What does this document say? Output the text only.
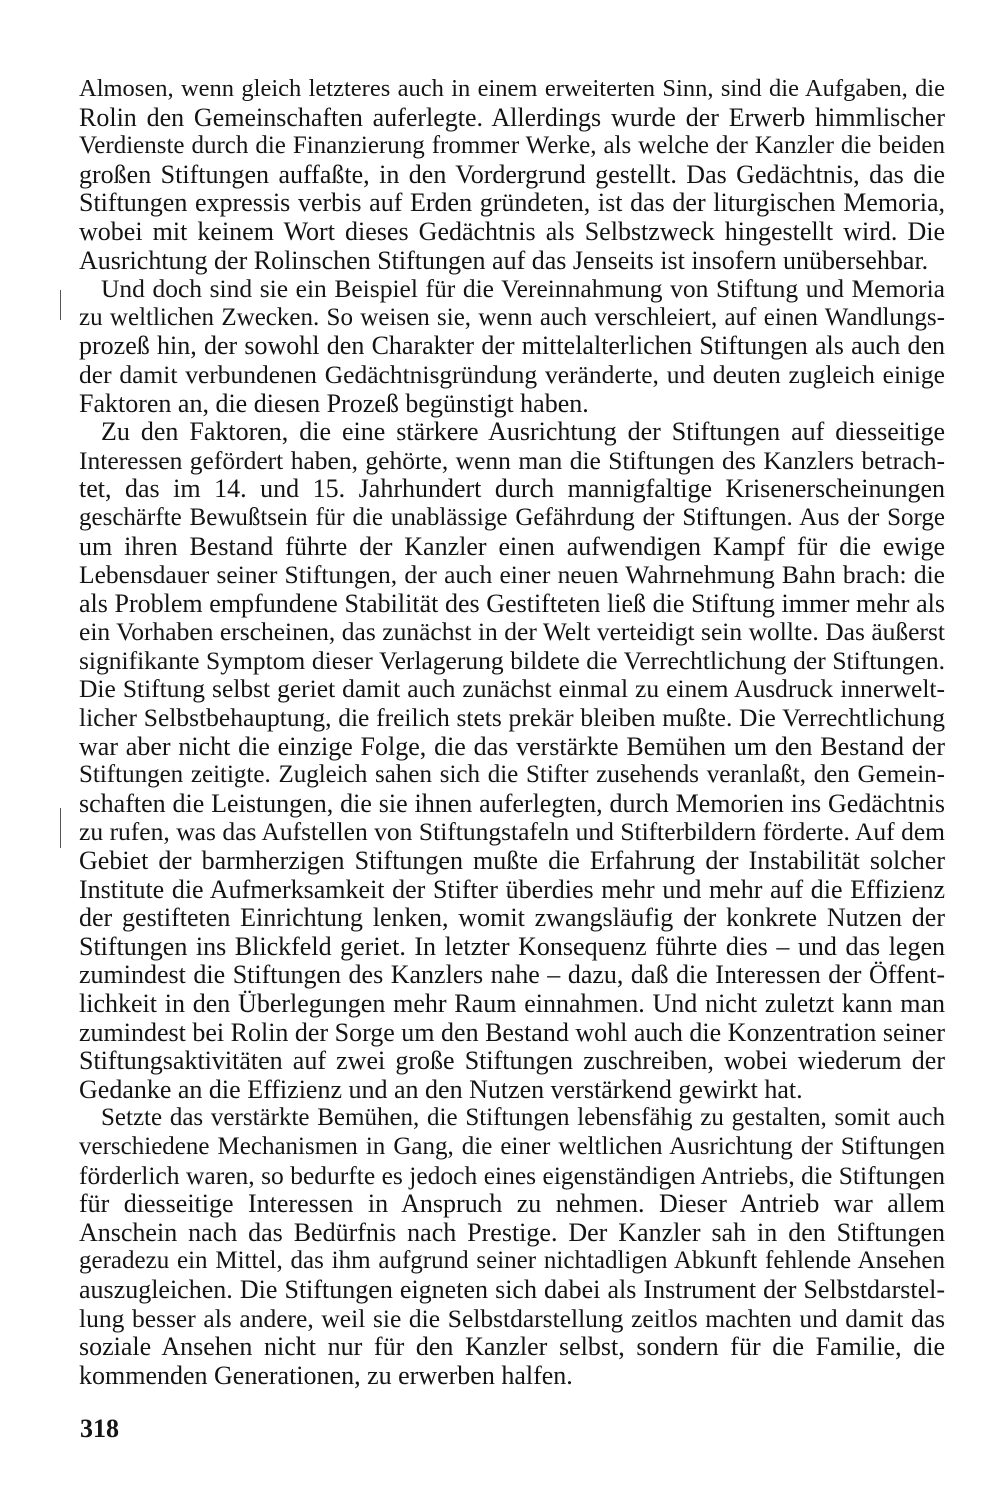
Almosen, wenn gleich letzteres auch in einem erweiterten Sinn, sind die Aufgaben, die
Rolin den Gemeinschaften auferlegte. Allerdings wurde der Erwerb himmlischer
Verdienste durch die Finanzierung frommer Werke, als welche der Kanzler die beiden
großen Stiftungen auffaßte, in den Vordergrund gestellt. Das Gedächtnis, das die
Stiftungen expressis verbis auf Erden gründeten, ist das der liturgischen Memoria,
wobei mit keinem Wort dieses Gedächtnis als Selbstzweck hingestellt wird. Die
Ausrichtung der Rolinschen Stiftungen auf das Jenseits ist insofern unübersehbar.
Und doch sind sie ein Beispiel für die Vereinnahmung von Stiftung und Memoria
zu weltlichen Zwecken. So weisen sie, wenn auch verschleiert, auf einen Wandlungs-
prozeß hin, der sowohl den Charakter der mittelalterlichen Stiftungen als auch den
der damit verbundenen Gedächtnisgründung veränderte, und deuten zugleich einige
Faktoren an, die diesen Prozeß begünstigt haben.
Zu den Faktoren, die eine stärkere Ausrichtung der Stiftungen auf diesseitige
Interessen gefördert haben, gehörte, wenn man die Stiftungen des Kanzlers betrach-
tet, das im 14. und 15. Jahrhundert durch mannigfaltige Krisenerscheinungen
geschärfte Bewußtsein für die unablässige Gefährdung der Stiftungen. Aus der Sorge
um ihren Bestand führte der Kanzler einen aufwendigen Kampf für die ewige
Lebensdauer seiner Stiftungen, der auch einer neuen Wahrnehmung Bahn brach: die
als Problem empfundene Stabilität des Gestifteten ließ die Stiftung immer mehr als
ein Vorhaben erscheinen, das zunächst in der Welt verteidigt sein wollte. Das äußerst
signifikante Symptom dieser Verlagerung bildete die Verrechtlichung der Stiftungen.
Die Stiftung selbst geriet damit auch zunächst einmal zu einem Ausdruck innerwelt-
licher Selbstbehauptung, die freilich stets prekär bleiben mußte. Die Verrechtlichung
war aber nicht die einzige Folge, die das verstärkte Bemühen um den Bestand der
Stiftungen zeitigte. Zugleich sahen sich die Stifter zusehends veranlaßt, den Gemein-
schaften die Leistungen, die sie ihnen auferlegten, durch Memorien ins Gedächtnis
zu rufen, was das Aufstellen von Stiftungstafeln und Stifterbildern förderte. Auf dem
Gebiet der barmherzigen Stiftungen mußte die Erfahrung der Instabilität solcher
Institute die Aufmerksamkeit der Stifter überdies mehr und mehr auf die Effizienz
der gestifteten Einrichtung lenken, womit zwangsläufig der konkrete Nutzen der
Stiftungen ins Blickfeld geriet. In letzter Konsequenz führte dies – und das legen
zumindest die Stiftungen des Kanzlers nahe – dazu, daß die Interessen der Öffent-
lichkeit in den Überlegungen mehr Raum einnahmen. Und nicht zuletzt kann man
zumindest bei Rolin der Sorge um den Bestand wohl auch die Konzentration seiner
Stiftungsaktivitäten auf zwei große Stiftungen zuschreiben, wobei wiederum der
Gedanke an die Effizienz und an den Nutzen verstärkend gewirkt hat.
Setzte das verstärkte Bemühen, die Stiftungen lebensfähig zu gestalten, somit auch
verschiedene Mechanismen in Gang, die einer weltlichen Ausrichtung der Stiftungen
förderlich waren, so bedurfte es jedoch eines eigenständigen Antriebs, die Stiftungen
für diesseitige Interessen in Anspruch zu nehmen. Dieser Antrieb war allem
Anschein nach das Bedürfnis nach Prestige. Der Kanzler sah in den Stiftungen
geradezu ein Mittel, das ihm aufgrund seiner nichtadligen Abkunft fehlende Ansehen
auszugleichen. Die Stiftungen eigneten sich dabei als Instrument der Selbstdarstel-
lung besser als andere, weil sie die Selbstdarstellung zeitlos machten und damit das
soziale Ansehen nicht nur für den Kanzler selbst, sondern für die Familie, die
kommenden Generationen, zu erwerben halfen.
318
